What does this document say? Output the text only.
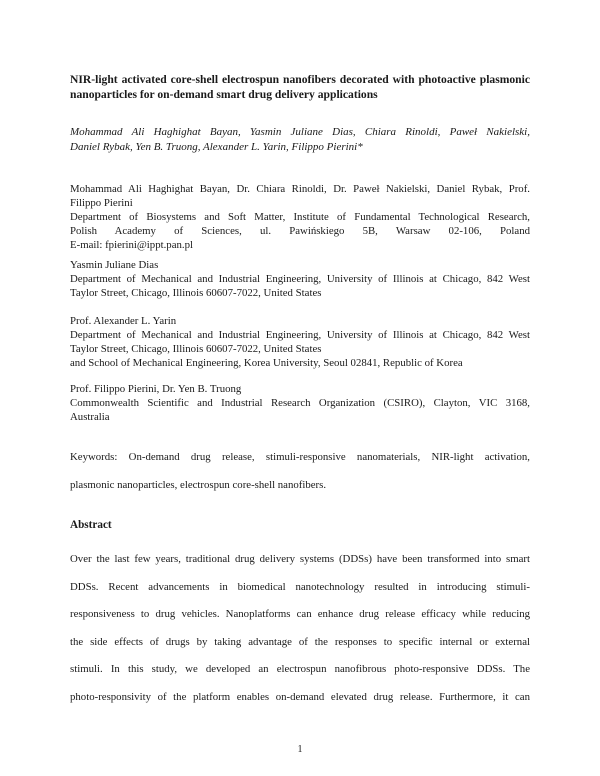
NIR-light activated core-shell electrospun nanofibers decorated with photoactive plasmonic
nanoparticles for on-demand smart drug delivery applications
Mohammad Ali Haghighat Bayan, Yasmin Juliane Dias, Chiara Rinoldi, Paweł Nakielski,
Daniel Rybak, Yen B. Truong, Alexander L. Yarin, Filippo Pierini*
Mohammad Ali Haghighat Bayan, Dr. Chiara Rinoldi, Dr. Paweł Nakielski, Daniel Rybak, Prof.
Filippo Pierini
Department of Biosystems and Soft Matter, Institute of Fundamental Technological Research,
Polish Academy of Sciences, ul. Pawińskiego 5B, Warsaw 02-106, Poland
E-mail: fpierini@ippt.pan.pl
Yasmin Juliane Dias
Department of Mechanical and Industrial Engineering, University of Illinois at Chicago, 842 West
Taylor Street, Chicago, Illinois 60607-7022, United States
Prof. Alexander L. Yarin
Department of Mechanical and Industrial Engineering, University of Illinois at Chicago, 842 West
Taylor Street, Chicago, Illinois 60607-7022, United States
and School of Mechanical Engineering, Korea University, Seoul 02841, Republic of Korea
Prof. Filippo Pierini, Dr. Yen B. Truong
Commonwealth Scientific and Industrial Research Organization (CSIRO), Clayton, VIC 3168,
Australia
Keywords: On-demand drug release, stimuli-responsive nanomaterials, NIR-light activation,
plasmonic nanoparticles, electrospun core-shell nanofibers.
Abstract
Over the last few years, traditional drug delivery systems (DDSs) have been transformed into smart
DDSs. Recent advancements in biomedical nanotechnology resulted in introducing stimuli-
responsiveness to drug vehicles. Nanoplatforms can enhance drug release efficacy while reducing
the side effects of drugs by taking advantage of the responses to specific internal or external
stimuli. In this study, we developed an electrospun nanofibrous photo-responsive DDSs. The
photo-responsivity of the platform enables on-demand elevated drug release. Furthermore, it can
1
